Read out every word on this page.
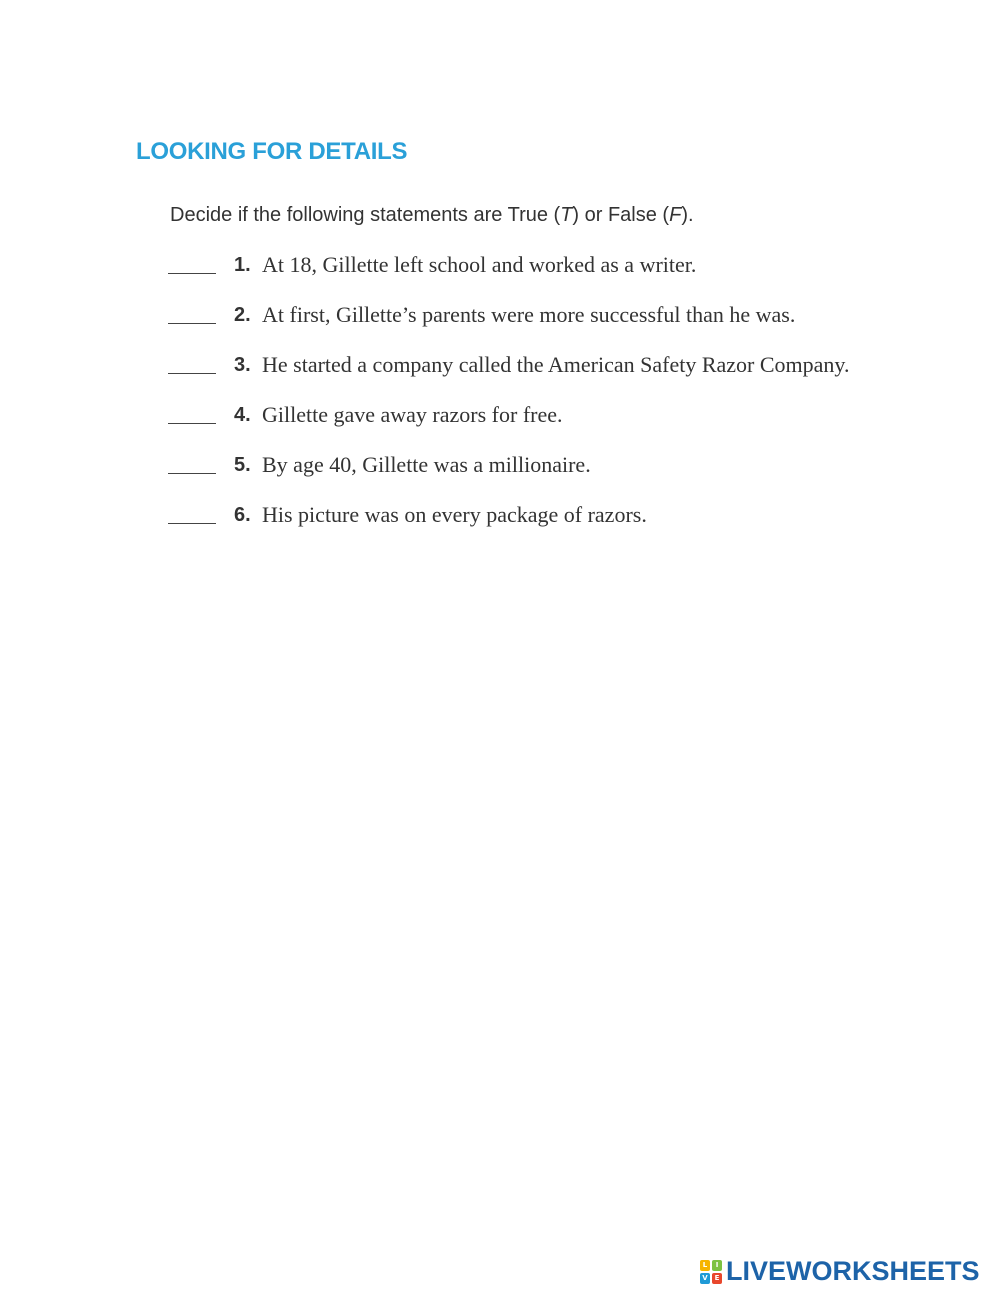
LOOKING FOR DETAILS
Decide if the following statements are True (T) or False (F).
1. At 18, Gillette left school and worked as a writer.
2. At first, Gillette’s parents were more successful than he was.
3. He started a company called the American Safety Razor Company.
4. Gillette gave away razors for free.
5. By age 40, Gillette was a millionaire.
6. His picture was on every package of razors.
L	I
V E LIVEWORKSHEETS
